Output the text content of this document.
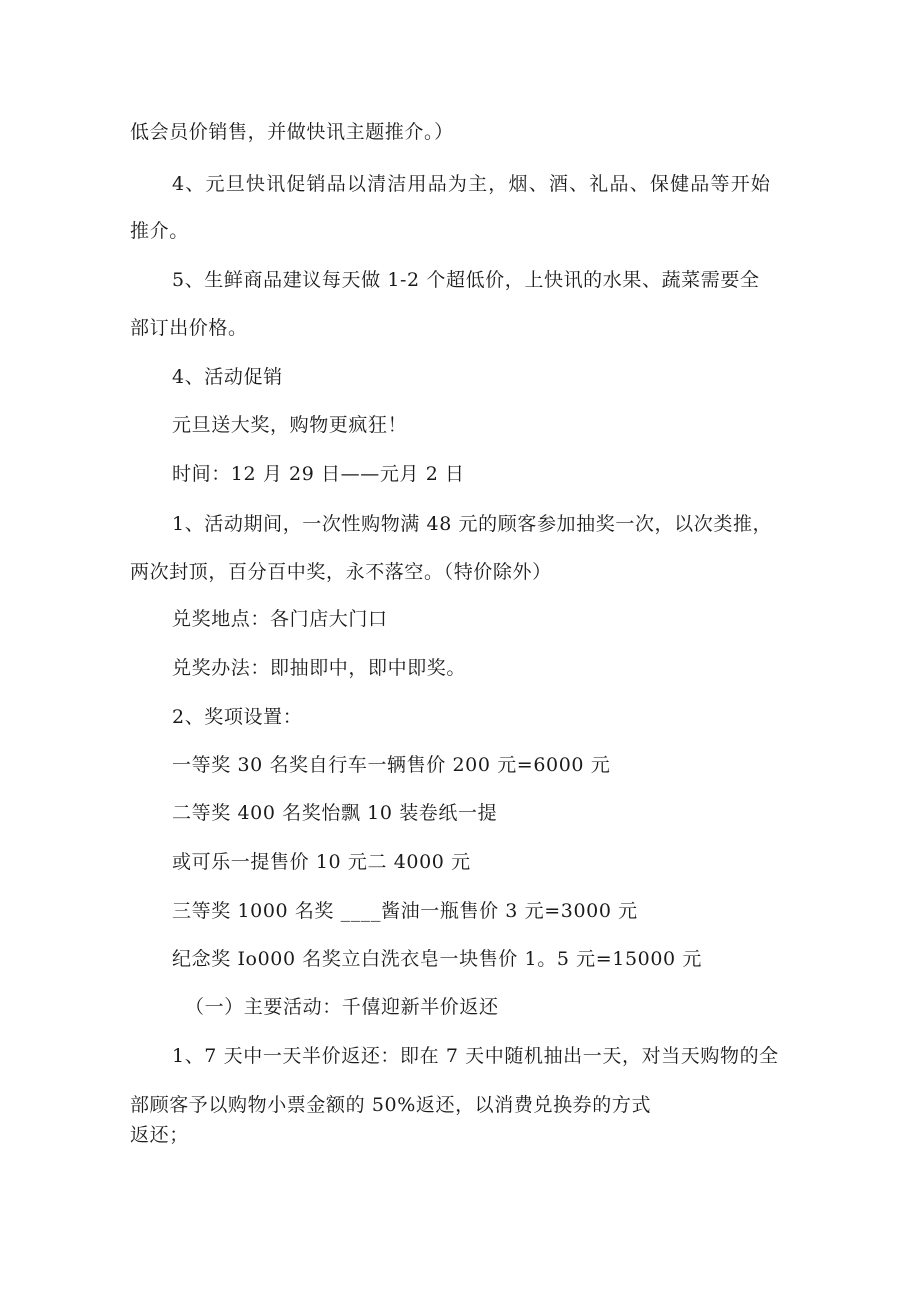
低会员价销售，并做快讯主题推介。）
4、元旦快讯促销品以清洁用品为主，烟、酒、礼品、保健品等开始
推介。
5、生鲜商品建议每天做 1-2 个超低价，上快讯的水果、蔬菜需要全
部订出价格。
4、活动促销
元旦送大奖，购物更疯狂！
时间：12 月 29 日——元月 2 日
1、活动期间，一次性购物满 48 元的顾客参加抽奖一次，以次类推，
两次封顶，百分百中奖，永不落空。（特价除外）
兑奖地点：各门店大门口
兑奖办法：即抽即中，即中即奖。
2、奖项设置：
一等奖 30 名奖自行车一辆售价 200 元=6000 元
二等奖 400 名奖怡飘 10 装卷纸一提
或可乐一提售价 10 元二 4000 元
三等奖 1000 名奖 ____酱油一瓶售价 3 元=3000 元
纪念奖 Io000 名奖立白洗衣皂一块售价 1。5 元=15000 元
（一）主要活动：千僖迎新半价返还
1、7 天中一天半价返还：即在 7 天中随机抽出一天，对当天购物的全
部顾客予以购物小票金额的 50%返还，以消费兑换券的方式
返还；
